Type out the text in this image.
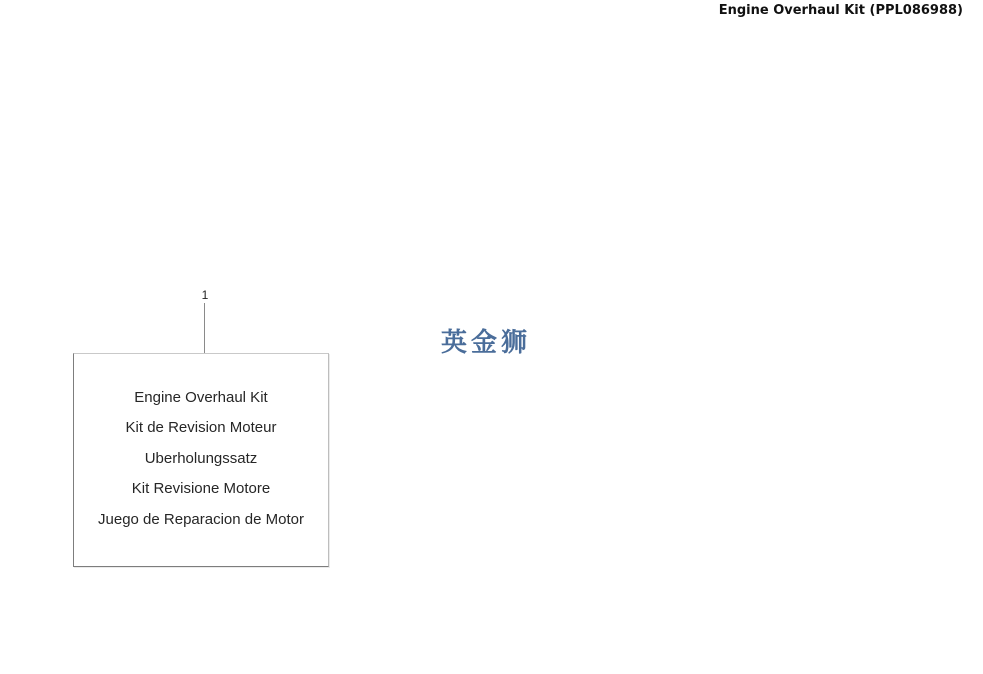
Engine Overhaul Kit (PPL086988)
英金狮
1
Engine Overhaul Kit
Kit de Revision Moteur
Uberholungssatz
Kit Revisione Motore
Juego de Reparacion de Motor
